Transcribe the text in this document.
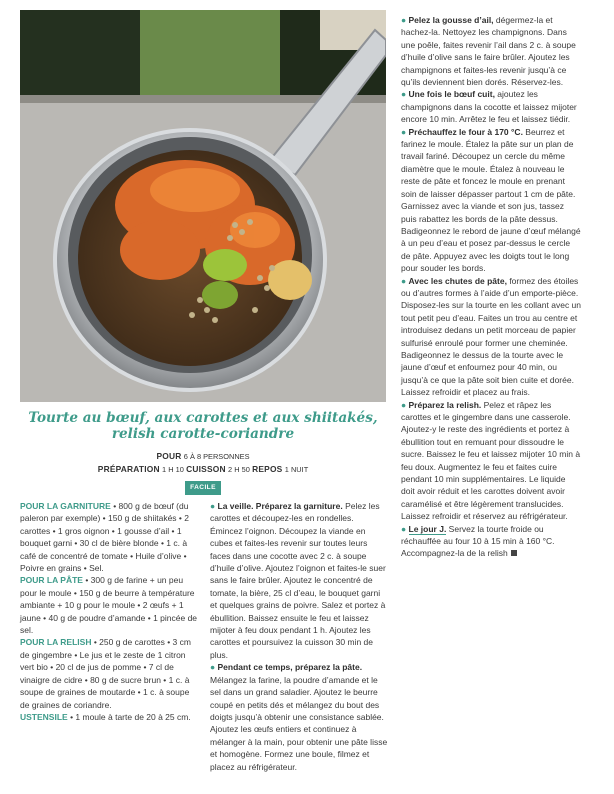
Tourte au bœuf, aux carottes et aux shiitakés,
relish carotte-coriandre

POUR 6 À 8 PERSONNES
PRÉPARATION 1 H 10 CUISSON 2 H 50 REPOS 1 NUIT
FACILE

POUR LA GARNITURE • 800 g de bœuf (du paleron par exemple) • 150 g de shiitakés • 2 carottes • 1 gros oignon • 1 gousse d’ail • 1 bouquet garni • 30 cl de bière blonde • 1 c. à café de concentré de tomate • Huile d’olive • Poivre en grains • Sel.

POUR LA PÂTE • 300 g de farine + un peu pour le moule • 150 g de beurre à température ambiante + 10 g pour le moule • 2 œufs + 1 jaune • 40 g de poudre d’amande • 1 pincée de sel.

POUR LA RELISH • 250 g de carottes • 3 cm de gingembre • Le jus et le zeste de 1 citron vert bio • 20 cl de jus de pomme • 7 cl de vinaigre de cidre • 80 g de sucre brun • 1 c. à soupe de graines de moutarde • 1 c. à soupe de graines de coriandre.

USTENSILE • 1 moule à tarte de 20 à 25 cm.

● La veille. Préparez la garniture. Pelez les carottes et découpez-les en rondelles. Émincez l’oignon. Découpez la viande en cubes et faites-les revenir sur toutes leurs faces dans une cocotte avec 2 c. à soupe d’huile d’olive. Ajoutez l’oignon et faites-le suer sans le faire brûler. Ajoutez le concentré de tomate, la bière, 25 cl d’eau, le bouquet garni et quelques grains de poivre. Salez et portez à ébullition. Baissez ensuite le feu et laissez mijoter à feu doux pendant 1 h. Ajoutez les carottes et poursuivez la cuisson 30 min de plus.

● Pendant ce temps, préparez la pâte. Mélangez la farine, la poudre d’amande et le sel dans un grand saladier. Ajoutez le beurre coupé en petits dés et mélangez du bout des doigts jusqu’à obtenir une consistance sablée. Ajoutez les œufs entiers et continuez à mélanger à la main, pour obtenir une pâte lisse et homogène. Formez une boule, filmez et placez au réfrigérateur.

● Pelez la gousse d’ail, dégermez-la et hachez-la. Nettoyez les champignons. Dans une poêle, faites revenir l’ail dans 2 c. à soupe d’huile d’olive sans le faire brûler. Ajoutez les champignons et faites-les revenir jusqu’à ce qu’ils deviennent bien dorés. Réservez-les.

● Une fois le bœuf cuit, ajoutez les champignons dans la cocotte et laissez mijoter encore 10 min. Arrêtez le feu et laissez tiédir.

● Préchauffez le four à 170 °C. Beurrez et farinez le moule. Étalez la pâte sur un plan de travail fariné. Découpez un cercle du même diamètre que le moule. Étalez à nouveau le reste de pâte et foncez le moule en prenant soin de laisser dépasser partout 1 cm de pâte. Garnissez avec la viande et son jus, tassez puis rabattez les bords de la pâte dessus. Badigeonnez le rebord de jaune d’œuf mélangé à un peu d’eau et posez par-dessus le cercle de pâte. Appuyez avec les doigts tout le long pour souder les bords.

● Avec les chutes de pâte, formez des étoiles ou d’autres formes à l’aide d’un emporte-pièce. Disposez-les sur la tourte en les collant avec un tout petit peu d’eau. Faites un trou au centre et introduisez dedans un petit morceau de papier sulfurisé enroulé pour former une cheminée. Badigeonnez le dessus de la tourte avec le jaune d’œuf et enfournez pour 40 min, ou jusqu’à ce que la pâte soit bien cuite et dorée. Laissez refroidir et placez au frais.

● Préparez la relish. Pelez et râpez les carottes et le gingembre dans une casserole. Ajoutez-y le reste des ingrédients et portez à ébullition tout en remuant pour dissoudre le sucre. Baissez le feu et laissez mijoter 10 min à feu doux. Augmentez le feu et faites cuire pendant 10 min supplémentaires. Le liquide doit avoir réduit et les carottes doivent avoir caramélisé et être légèrement translucides. Laissez refroidir et réservez au réfrigérateur.

● Le jour J. Servez la tourte froide ou réchauffée au four 10 à 15 min à 160 °C. Accompagnez-la de la relish
